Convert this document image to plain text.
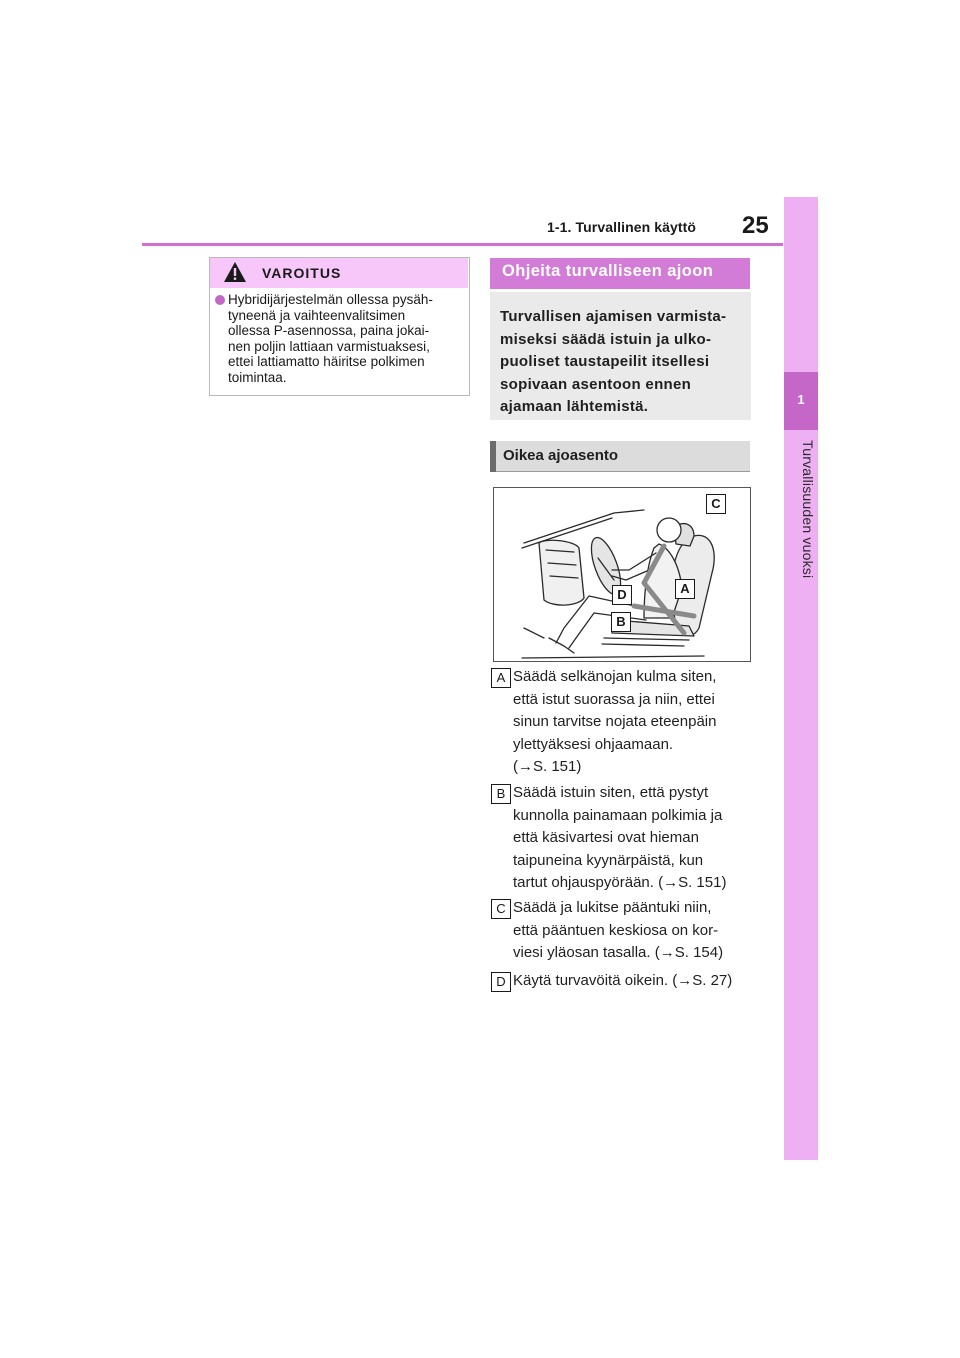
1-1. Turvallinen käyttö 25
1
Turvallisuuden vuoksi
VAROITUS
Hybridijärjestelmän ollessa pysäh-
tyneenä ja vaihteenvalitsimen
ollessa P-asennossa, paina jokai-
nen poljin lattiaan varmistuaksesi,
ettei lattiamatto häiritse polkimen
toimintaa.
Ohjeita turvalliseen ajoon
Turvallisen ajamisen varmista-
miseksi säädä istuin ja ulko-
puoliset taustapeilit itsellesi
sopivaan asentoon ennen
ajamaan lähtemistä.
Oikea ajoasento
C
A
D
B
A Säädä selkänojan kulma siten,
että istut suorassa ja niin, ettei
sinun tarvitse nojata eteenpäin
ylettyäksesi ohjaamaan.
(→S. 151)
B Säädä istuin siten, että pystyt
kunnolla painamaan polkimia ja
että käsivartesi ovat hieman
taipuneina kyynärpäistä, kun
tartut ohjauspyörään. (→S. 151)
C Säädä ja lukitse pääntuki niin,
että pääntuen keskiosa on kor-
viesi yläosan tasalla. (→S. 154)
D Käytä turvavöitä oikein. (→S. 27)
